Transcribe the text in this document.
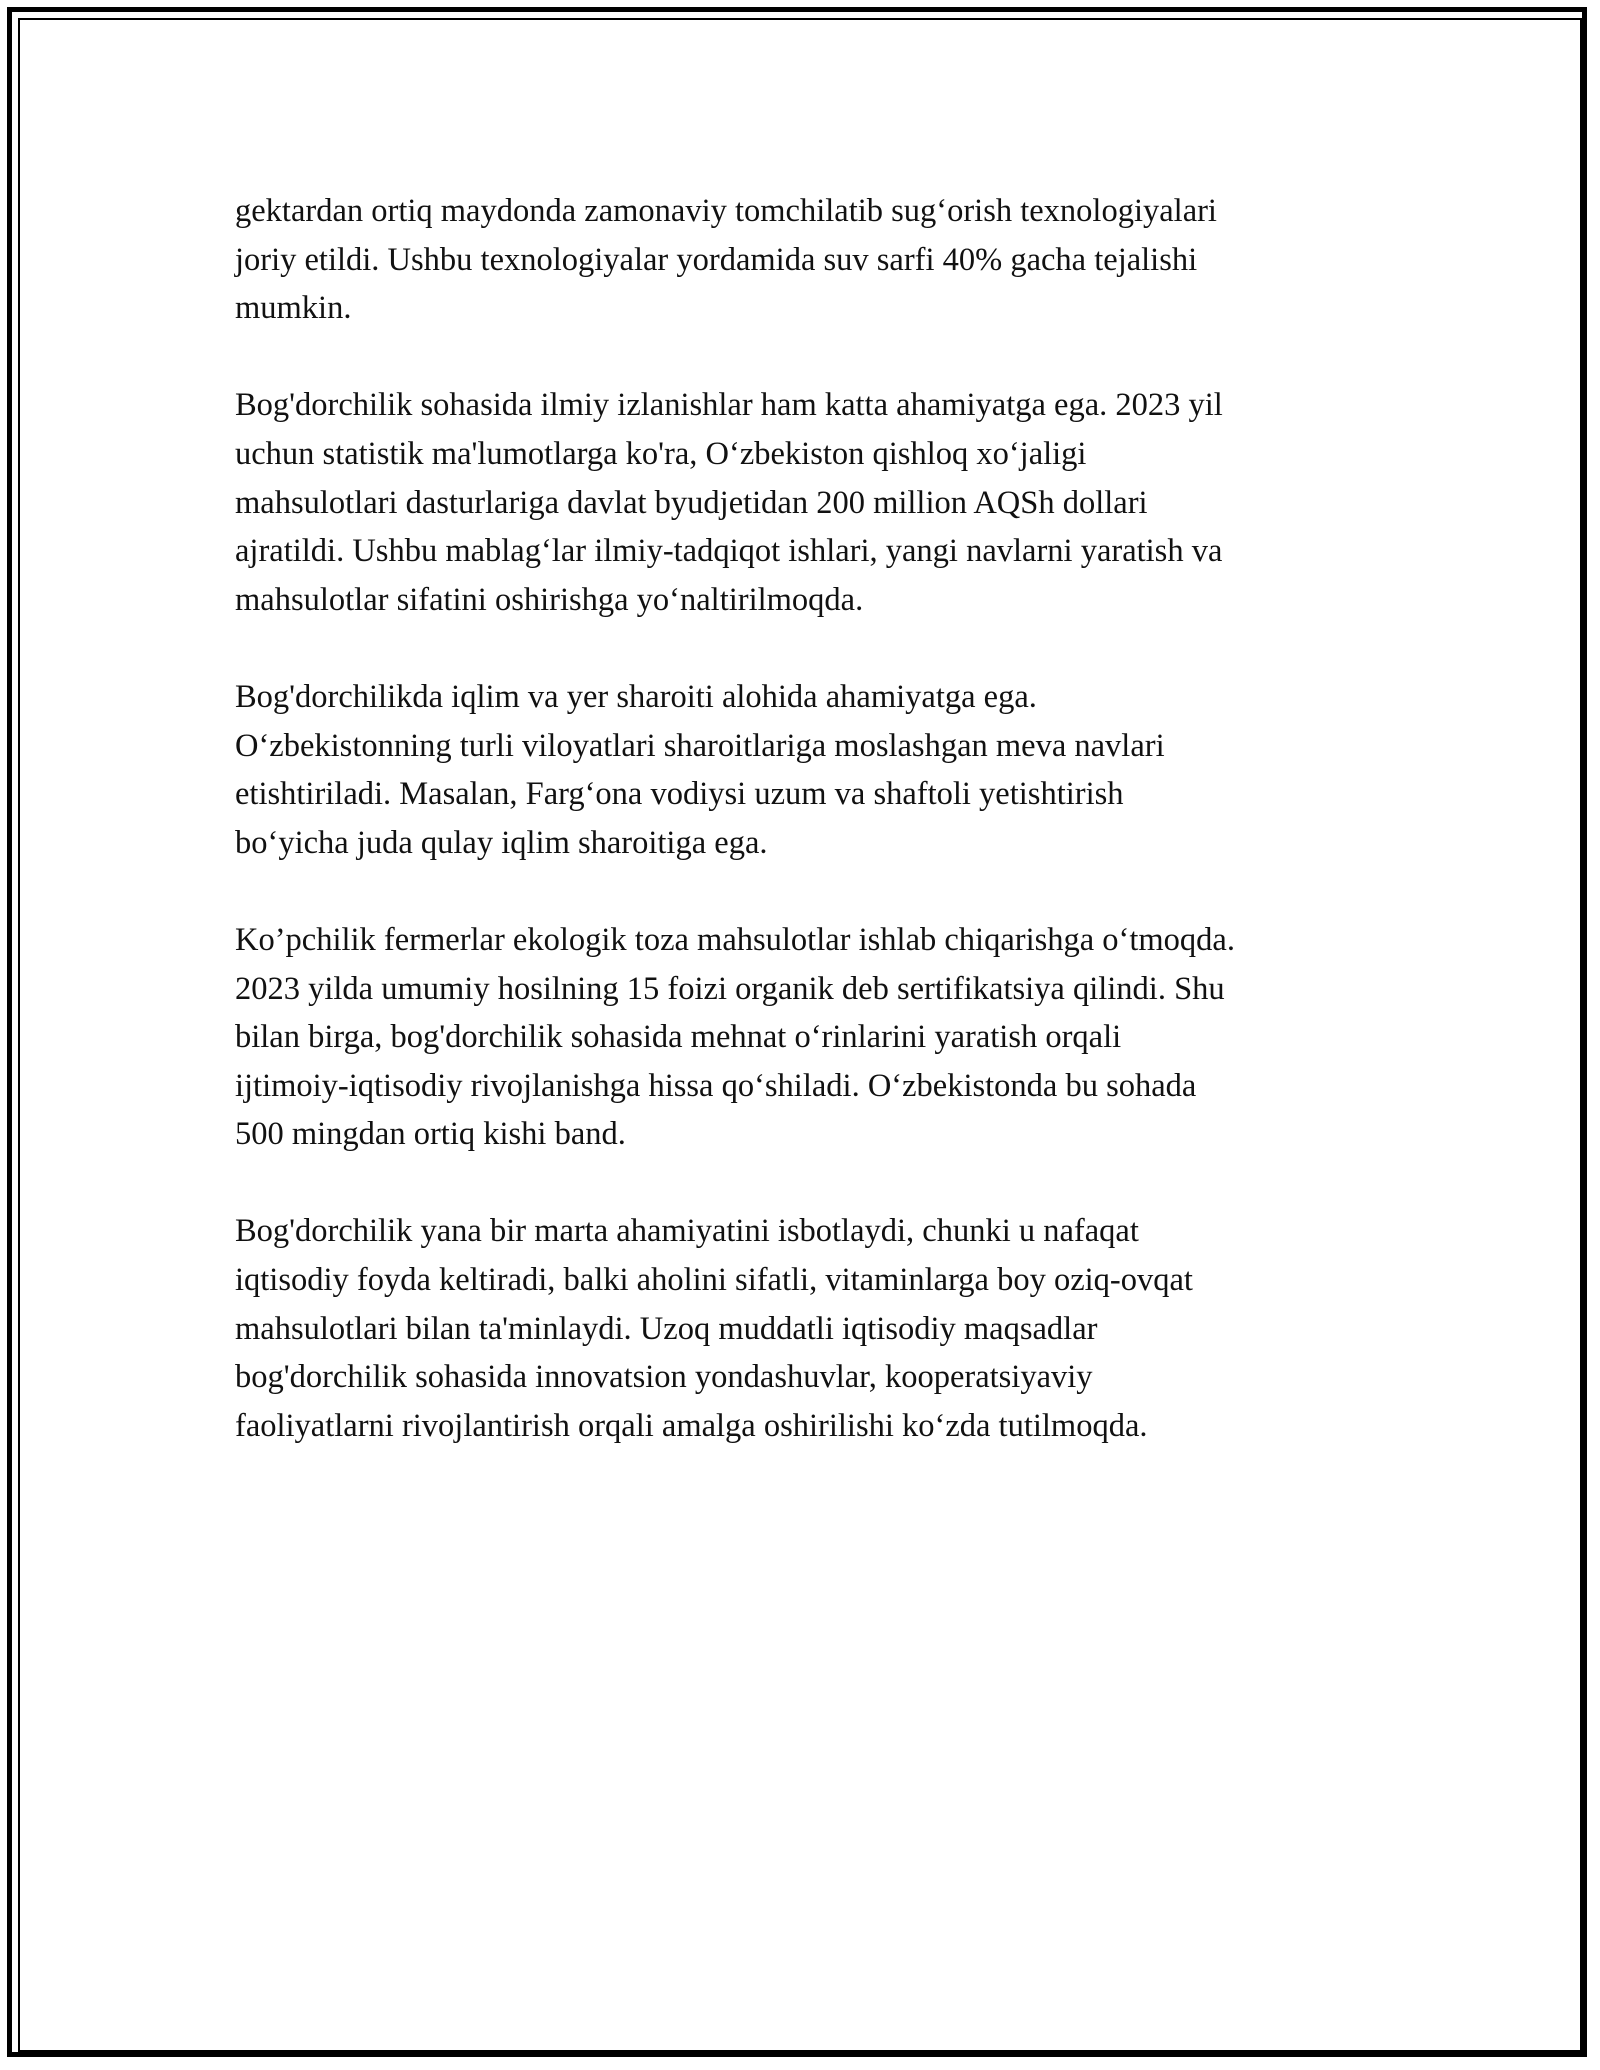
gektardan ortiq maydonda zamonaviy tomchilatib sug‘orish texnologiyalari
joriy etildi. Ushbu texnologiyalar yordamida suv sarfi 40% gacha tejalishi
mumkin.

Bog'dorchilik sohasida ilmiy izlanishlar ham katta ahamiyatga ega. 2023 yil
uchun statistik ma'lumotlarga ko'ra, O‘zbekiston qishloq xo‘jaligi
mahsulotlari dasturlariga davlat byudjetidan 200 million AQSh dollari
ajratildi. Ushbu mablag‘lar ilmiy-tadqiqot ishlari, yangi navlarni yaratish va
mahsulotlar sifatini oshirishga yo‘naltirilmoqda.

Bog'dorchilikda iqlim va yer sharoiti alohida ahamiyatga ega.
O‘zbekistonning turli viloyatlari sharoitlariga moslashgan meva navlari
etishtiriladi. Masalan, Farg‘ona vodiysi uzum va shaftoli yetishtirish
bo‘yicha juda qulay iqlim sharoitiga ega.

Ko’pchilik fermerlar ekologik toza mahsulotlar ishlab chiqarishga o‘tmoqda.
2023 yilda umumiy hosilning 15 foizi organik deb sertifikatsiya qilindi. Shu
bilan birga, bog'dorchilik sohasida mehnat o‘rinlarini yaratish orqali
ijtimoiy-iqtisodiy rivojlanishga hissa qo‘shiladi. O‘zbekistonda bu sohada
500 mingdan ortiq kishi band.

Bog'dorchilik yana bir marta ahamiyatini isbotlaydi, chunki u nafaqat
iqtisodiy foyda keltiradi, balki aholini sifatli, vitaminlarga boy oziq-ovqat
mahsulotlari bilan ta'minlaydi. Uzoq muddatli iqtisodiy maqsadlar
bog'dorchilik sohasida innovatsion yondashuvlar, kooperatsiyaviy
faoliyatlarni rivojlantirish orqali amalga oshirilishi ko‘zda tutilmoqda.
